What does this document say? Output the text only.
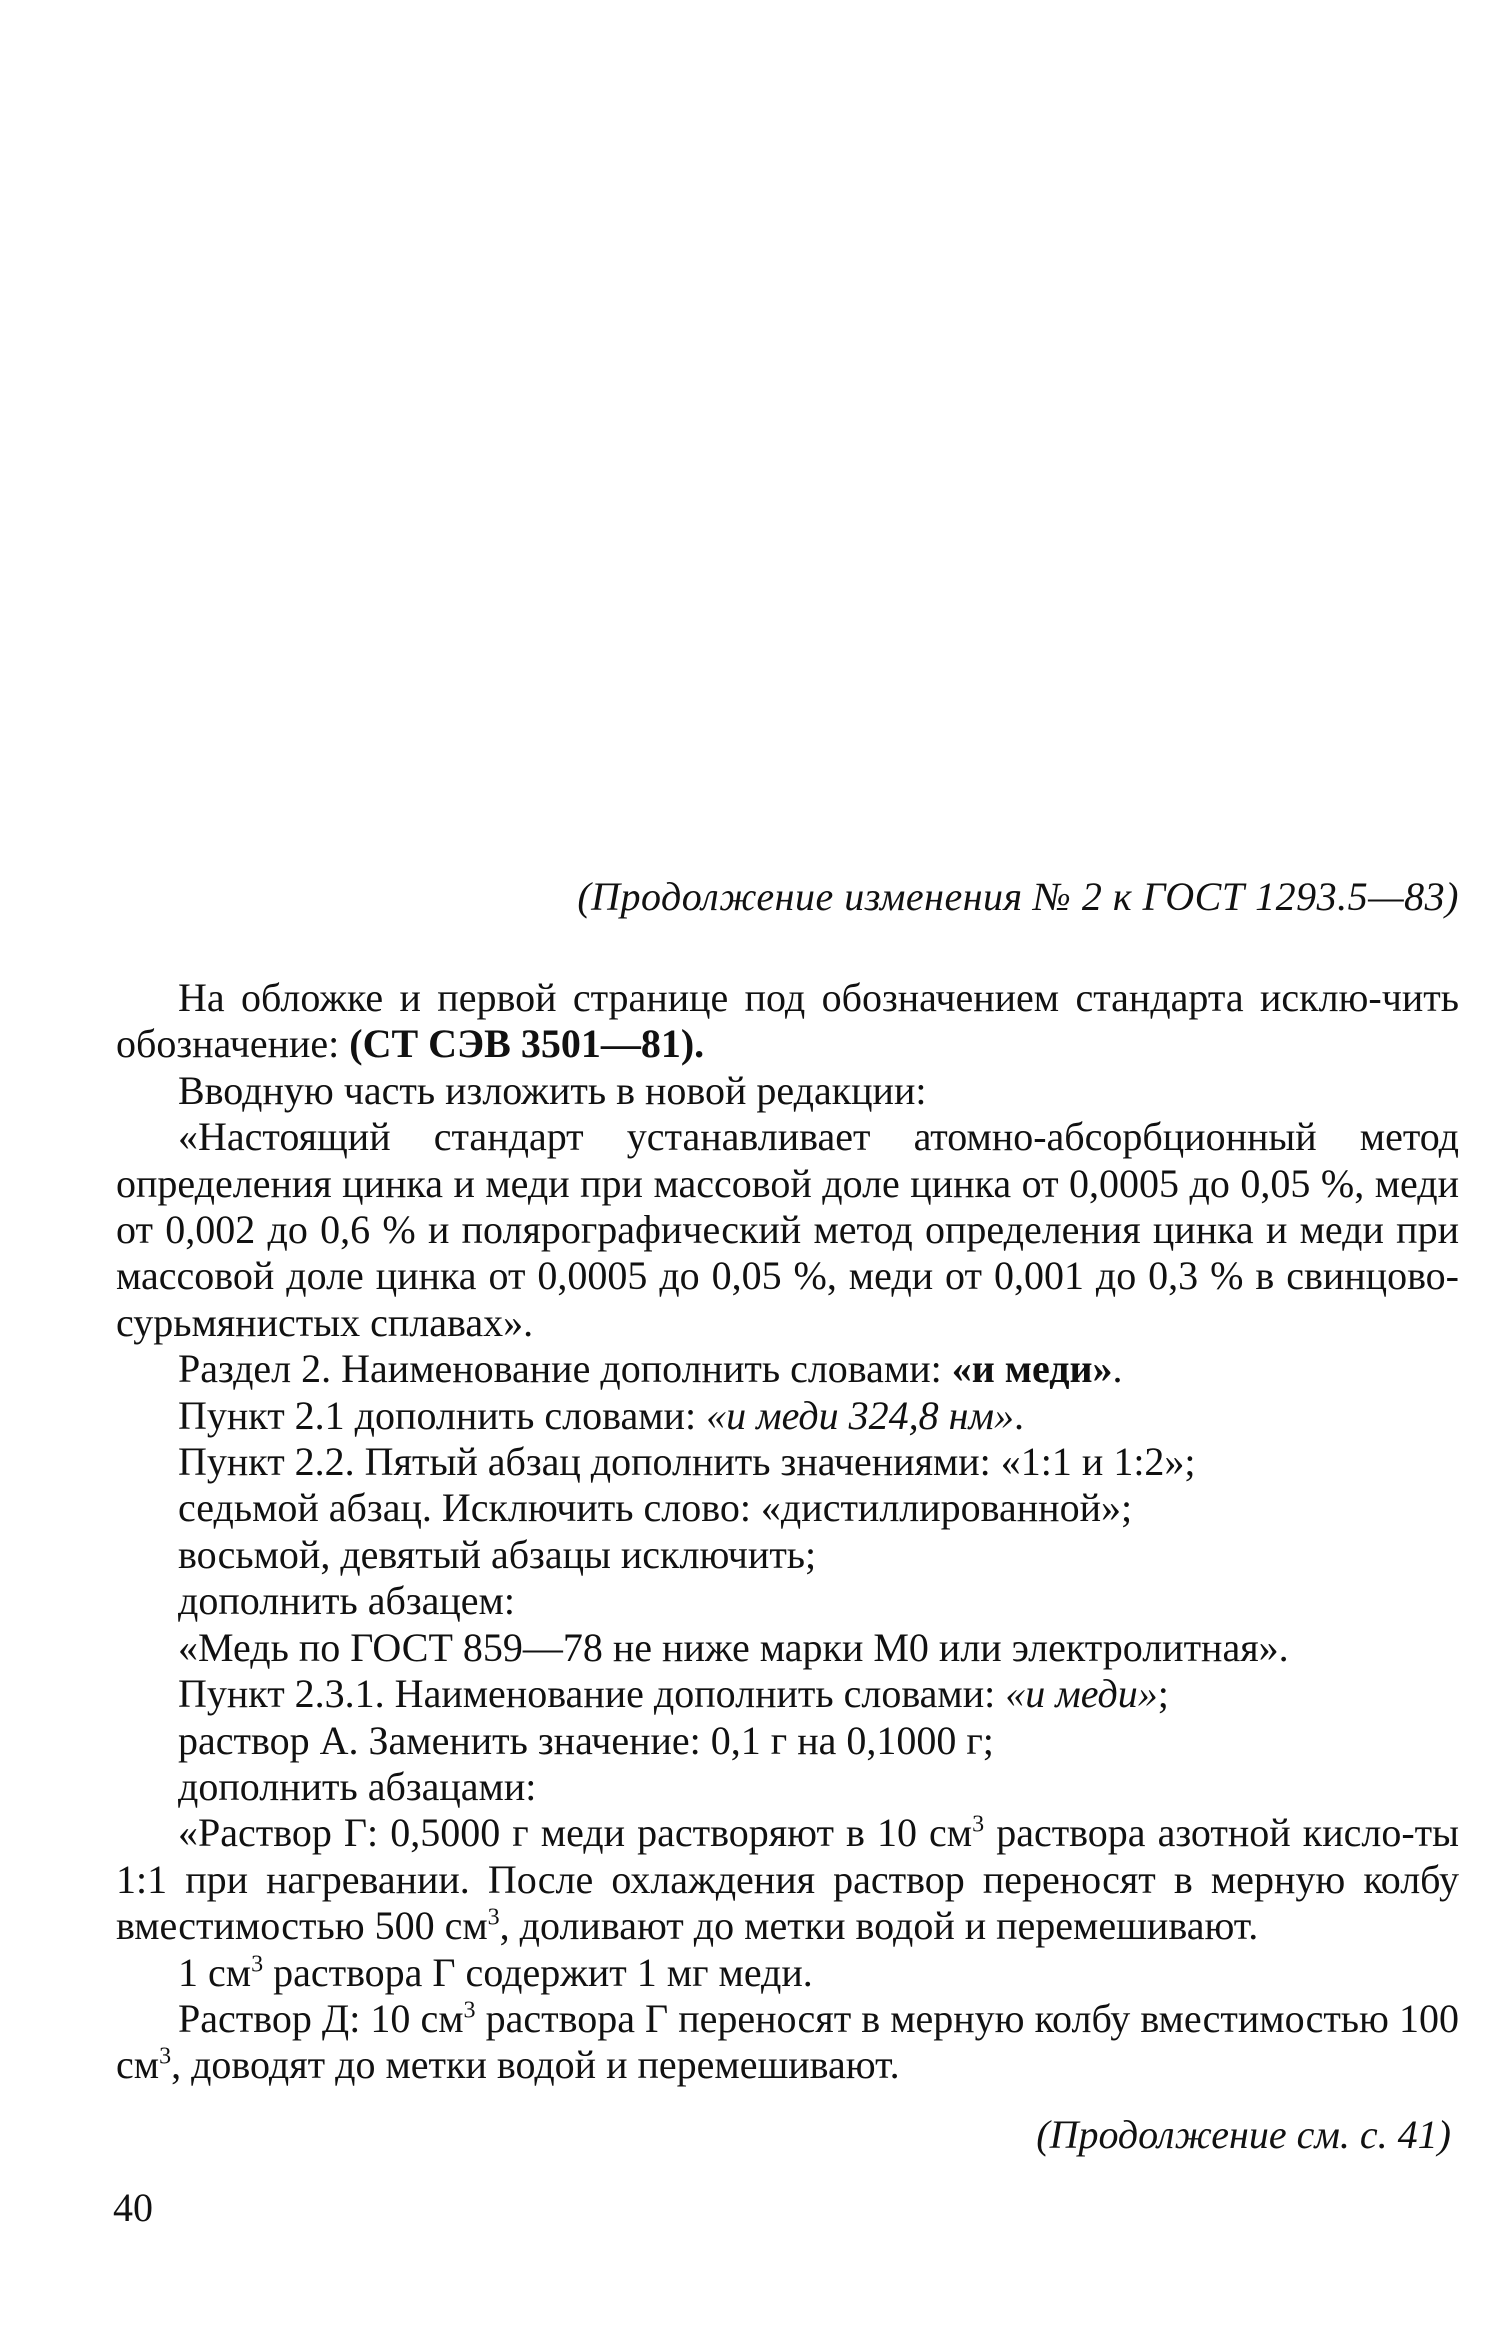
(Продолжение изменения № 2 к ГОСТ 1293.5—83)

На обложке и первой странице под обозначением стандарта исклю-чить обозначение: (СТ СЭВ 3501—81).

Вводную часть изложить в новой редакции:

«Настоящий стандарт устанавливает атомно-абсорбционный метод определения цинка и меди при массовой доле цинка от 0,0005 до 0,05 %, меди от 0,002 до 0,6 % и полярографический метод определения цинка и меди при массовой доле цинка от 0,0005 до 0,05 %, меди от 0,001 до 0,3 % в свинцово-сурьмянистых сплавах».

Раздел 2. Наименование дополнить словами: «и меди».

Пункт 2.1 дополнить словами: «и меди 324,8 нм».

Пункт 2.2. Пятый абзац дополнить значениями: «1:1 и 1:2»;

седьмой абзац. Исключить слово: «дистиллированной»;

восьмой, девятый абзацы исключить;

дополнить абзацем:

«Медь по ГОСТ 859—78 не ниже марки М0 или электролитная».

Пункт 2.3.1. Наименование дополнить словами: «и меди»;

раствор А. Заменить значение: 0,1 г на 0,1000 г;

дополнить абзацами:

«Раствор Г: 0,5000 г меди растворяют в 10 $см^3$ раствора азотной кисло-ты 1:1 при нагревании. После охлаждения раствор переносят в мерную колбу вместимостью 500 $см^3$, доливают до метки водой и перемешивают.

1 $см^3$ раствора Г содержит 1 мг меди.

Раствор Д: 10 $см^3$ раствора Г переносят в мерную колбу вместимостью 100 $см^3$, доводят до метки водой и перемешивают.

(Продолжение см. с. 41)
40
